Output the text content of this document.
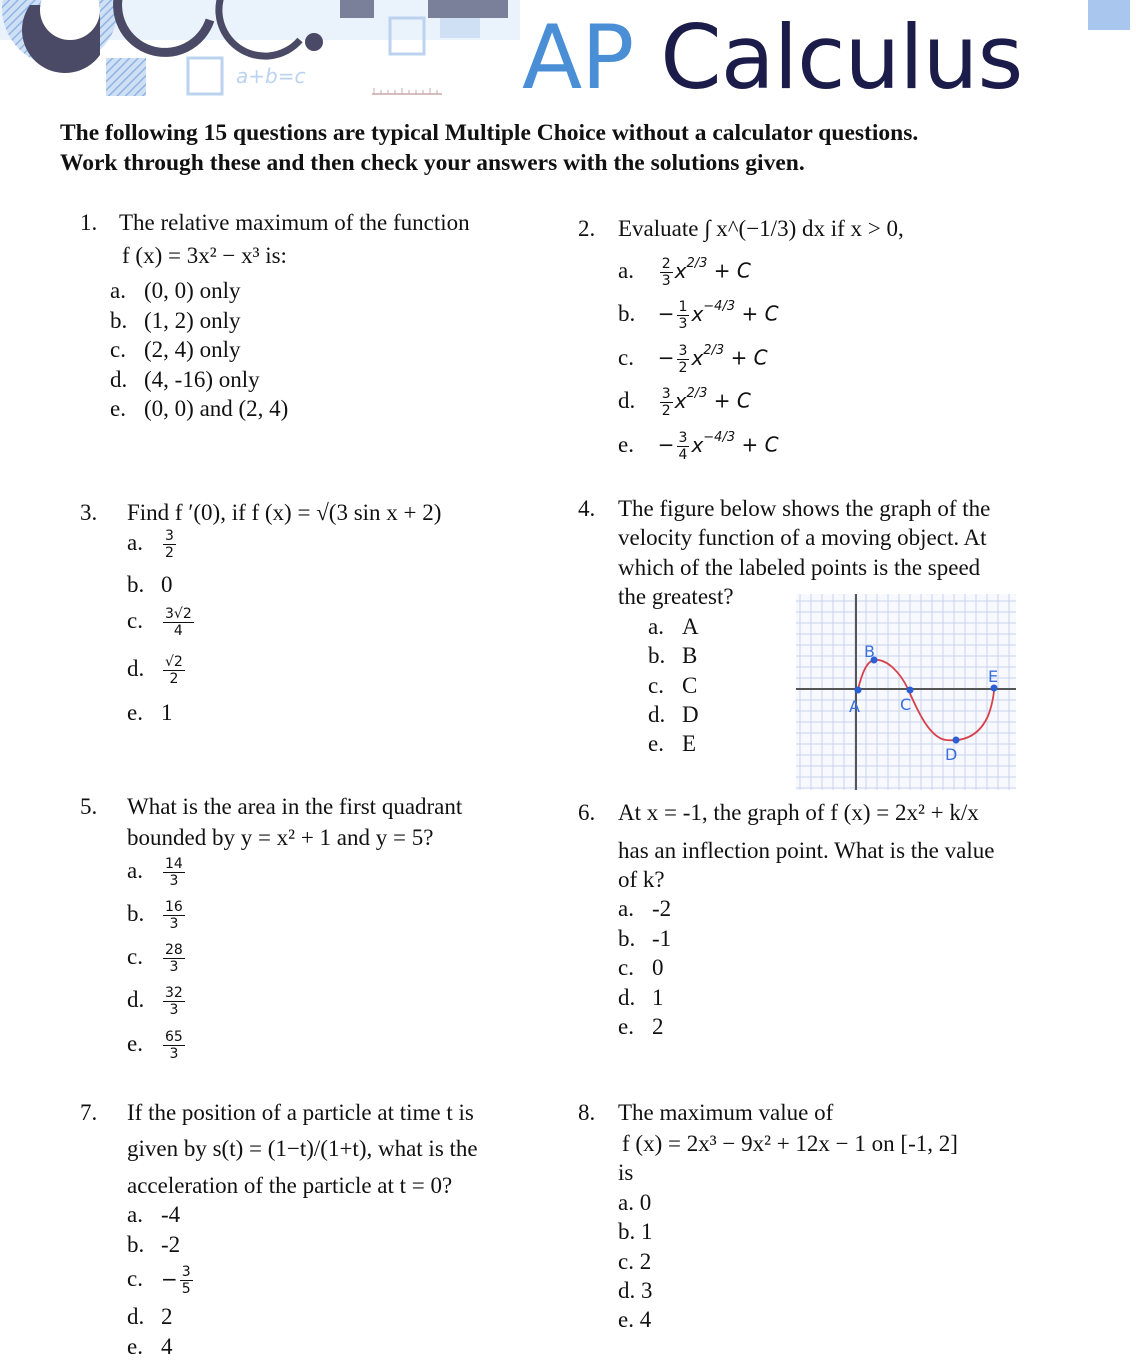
a+b=c AP Calculus
The following 15 questions are typical Multiple Choice without a calculator questions.
Work through these and then check your answers with the solutions given.
1. The relative maximum of the function
f (x) = 3x² − x³ is:
a. (0, 0) only
b. (1, 2) only
c. (2, 4) only
d. (4, -16) only
e. (0, 0) and (2, 4)
2. Evaluate ∫ x^(−1/3) dx if x > 0,
a. $\frac{2}{3} x^{2/3} + C$
b. − $\frac{1}{3} x^{-4/3} + C$
c. − $\frac{3}{2} x^{2/3} + C$
d. $\frac{3}{2} x^{2/3} + C$
e. − $\frac{3}{4} x^{-4/3} + C$
3. Find f ′(0), if f (x) = √(3 sin x + 2)
a. $\frac{3}{2}$
b. 0
c. $\frac{3√2}{4}$
d. $\frac{√2}{2}$
e. 1
4. The figure below shows the graph of the
velocity function of a moving object. At
which of the labeled points is the speed
the greatest?
a. A
b. B
c. C
d. D
e. E
A
B
C
D
E
5. What is the area in the first quadrant
bounded by y = x² + 1 and y = 5?
a. $\frac{14}{3}$
b. $\frac{16}{3}$
c. $\frac{28}{3}$
d. $\frac{32}{3}$
e. $\frac{65}{3}$
6. At x = -1, the graph of f (x) = 2x² + k/x
has an inflection point. What is the value
of k?
a. -2
b. -1
c. 0
d. 1
e. 2
7. If the position of a particle at time t is
given by s(t) = (1−t)/(1+t), what is the
acceleration of the particle at t = 0?
a. -4
b. -2
c. − $\frac{3}{5}$
d. 2
e. 4
8. The maximum value of
f (x) = 2x³ − 9x² + 12x − 1 on [-1, 2]
is
a. 0
b. 1
c. 2
d. 3
e. 4
